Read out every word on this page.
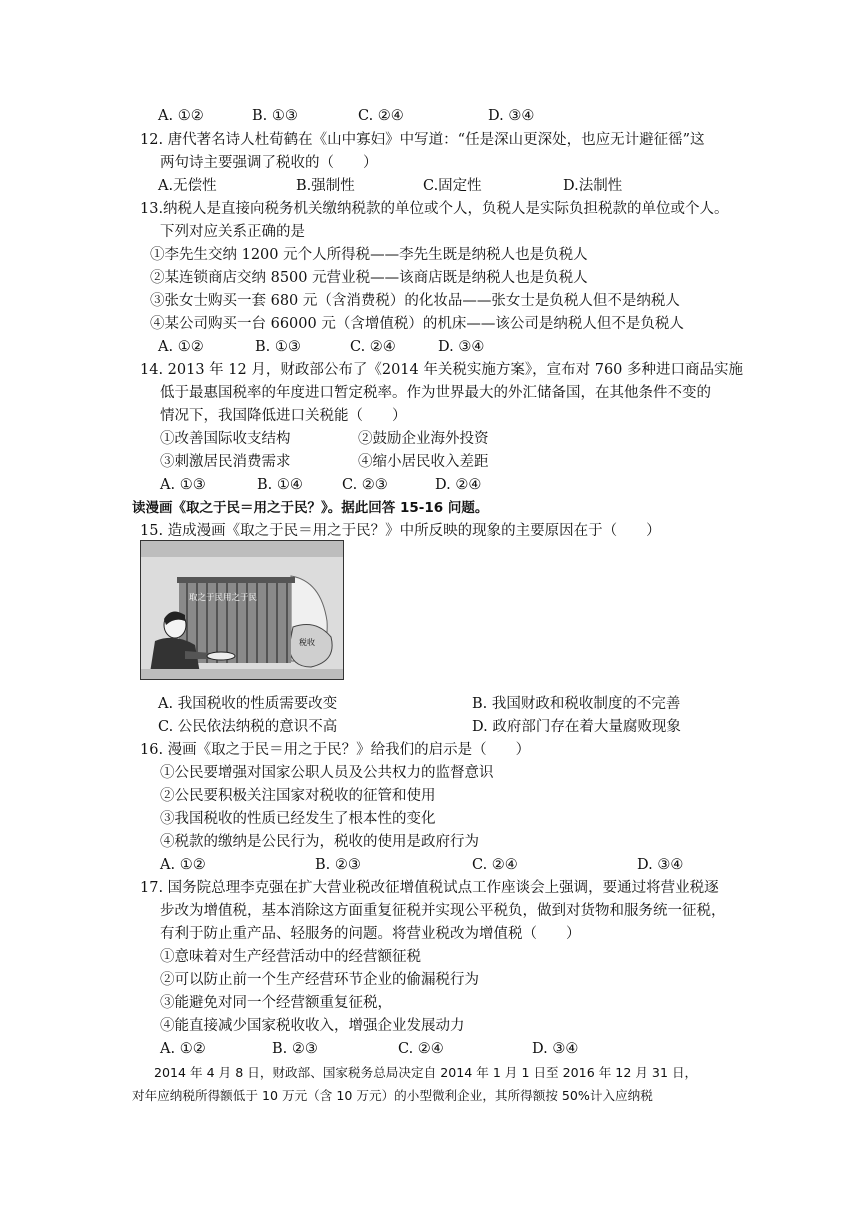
A. ①②	B. ①③	C. ②④	D. ③④
12. 唐代著名诗人杜荀鹤在《山中寡妇》中写道：“任是深山更深处，也应无计避征徭”这
两句诗主要强调了税收的（　　）
A.无偿性	B.强制性	C.固定性	D.法制性
13.纳税人是直接向税务机关缴纳税款的单位或个人，负税人是实际负担税款的单位或个人。
下列对应关系正确的是
①李先生交纳 1200 元个人所得税——李先生既是纳税人也是负税人
②某连锁商店交纳 8500 元营业税——该商店既是纳税人也是负税人
③张女士购买一套 680 元（含消费税）的化妆品——张女士是负税人但不是纳税人
④某公司购买一台 66000 元（含增值税）的机床——该公司是纳税人但不是负税人
A. ①②	B. ①③	C. ②④	D. ③④
14. 2013 年 12 月，财政部公布了《2014 年关税实施方案》，宣布对 760 多种进口商品实施
低于最惠国税率的年度进口暂定税率。作为世界最大的外汇储备国，在其他条件不变的
情况下，我国降低进口关税能（　　）
①改善国际收支结构	②鼓励企业海外投资
③刺激居民消费需求	④缩小居民收入差距
A. ①③	B. ①④	C. ②③	D. ②④
读漫画《取之于民＝用之于民？》。据此回答 15-16 问题。
15. 造成漫画《取之于民＝用之于民？》中所反映的现象的主要原因在于（　　）
取之于民用之于民
税收
A. 我国税收的性质需要改变	B. 我国财政和税收制度的不完善
C. 公民依法纳税的意识不高	D. 政府部门存在着大量腐败现象
16. 漫画《取之于民＝用之于民？》给我们的启示是（　　）
①公民要增强对国家公职人员及公共权力的监督意识
②公民要积极关注国家对税收的征管和使用
③我国税收的性质已经发生了根本性的变化
④税款的缴纳是公民行为，税收的使用是政府行为
A. ①②	B. ②③	C. ②④	D. ③④
17. 国务院总理李克强在扩大营业税改征增值税试点工作座谈会上强调，要通过将营业税逐
步改为增值税，基本消除这方面重复征税并实现公平税负，做到对货物和服务统一征税，
有利于防止重产品、轻服务的问题。将营业税改为增值税（　　）
①意味着对生产经营活动中的经营额征税
②可以防止前一个生产经营环节企业的偷漏税行为
③能避免对同一个经营额重复征税，
④能直接减少国家税收收入，增强企业发展动力
A. ①②	B. ②③	C. ②④	D. ③④
2014 年 4 月 8 日，财政部、国家税务总局决定自 2014 年 1 月 1 日至 2016 年 12 月 31 日，
对年应纳税所得额低于 10 万元（含 10 万元）的小型微利企业，其所得额按 50%计入应纳税
